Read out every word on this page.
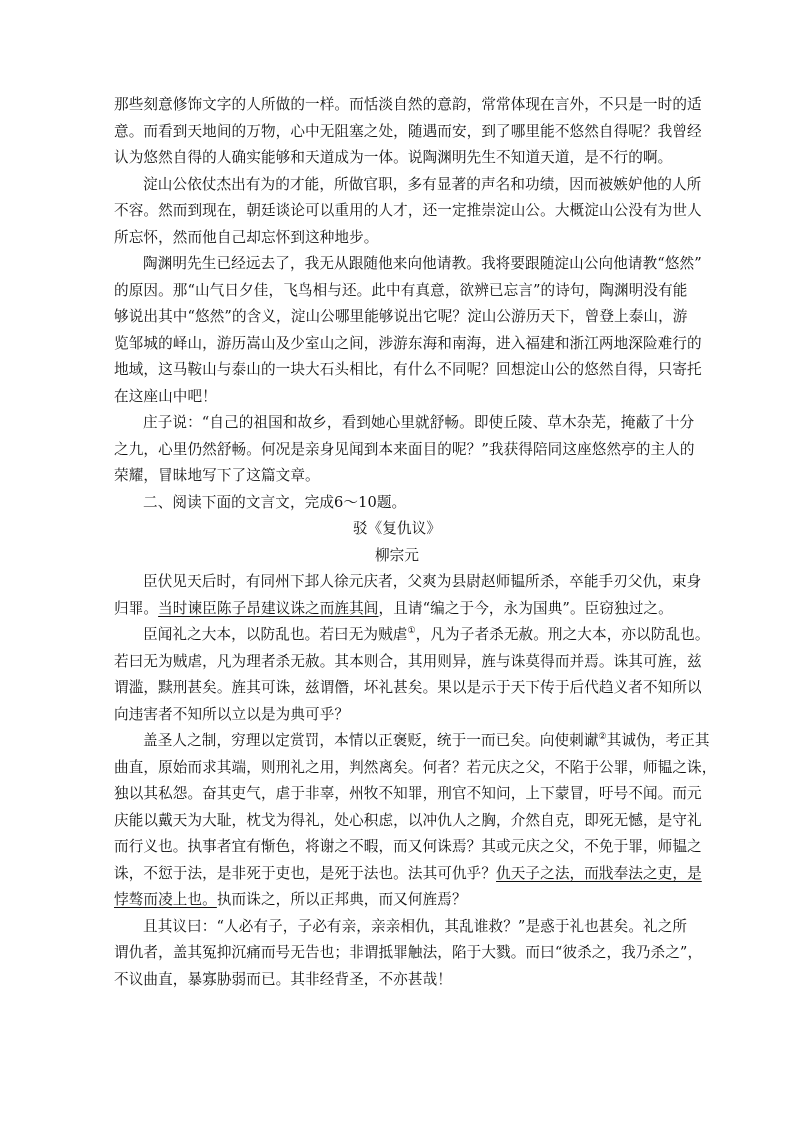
那些刻意修饰文字的人所做的一样。而恬淡自然的意韵，常常体现在言外，不只是一时的适
意。而看到天地间的万物，心中无阻塞之处，随遇而安，到了哪里能不悠然自得呢？我曾经
认为悠然自得的人确实能够和天道成为一体。说陶渊明先生不知道天道，是不行的啊。
淀山公依仗杰出有为的才能，所做官职，多有显著的声名和功绩，因而被嫉妒他的人所
不容。然而到现在，朝廷谈论可以重用的人才，还一定推崇淀山公。大概淀山公没有为世人
所忘怀，然而他自己却忘怀到这种地步。
陶渊明先生已经远去了，我无从跟随他来向他请教。我将要跟随淀山公向他请教“悠然”
的原因。那“山气日夕佳，飞鸟相与还。此中有真意，欲辨已忘言”的诗句，陶渊明没有能
够说出其中“悠然”的含义，淀山公哪里能够说出它呢？淀山公游历天下，曾登上泰山，游
览邹城的峄山，游历嵩山及少室山之间，涉游东海和南海，进入福建和浙江两地深险难行的
地域，这马鞍山与泰山的一块大石头相比，有什么不同呢？回想淀山公的悠然自得，只寄托
在这座山中吧！
庄子说：“自己的祖国和故乡，看到她心里就舒畅。即使丘陵、草木杂芜，掩蔽了十分
之九，心里仍然舒畅。何况是亲身见闻到本来面目的呢？”我获得陪同这座悠然亭的主人的
荣耀，冒昧地写下了这篇文章。
二、阅读下面的文言文，完成6～10题。
驳《复仇议》
柳宗元
臣伏见天后时，有同州下邽人徐元庆者，父爽为县尉赵师韫所杀，卒能手刃父仇，束身
归罪。当时谏臣陈子昂建议诛之而旌其闾，且请“编之于今，永为国典”。臣窃独过之。
臣闻礼之大本，以防乱也。若曰无为贼虐①，凡为子者杀无赦。刑之大本，亦以防乱也。
若曰无为贼虐，凡为理者杀无赦。其本则合，其用则异，旌与诛莫得而并焉。诛其可旌，兹
谓滥，黩刑甚矣。旌其可诛，兹谓僭，坏礼甚矣。果以是示于天下传于后代趋义者不知所以
向违害者不知所以立以是为典可乎？
盖圣人之制，穷理以定赏罚，本情以正褒贬，统于一而已矣。向使刺谳②其诚伪，考正其
曲直，原始而求其端，则刑礼之用，判然离矣。何者？若元庆之父，不陷于公罪，师韫之诛，
独以其私怨。奋其吏气，虐于非辜，州牧不知罪，刑官不知问，上下蒙冒，吁号不闻。而元
庆能以戴天为大耻，枕戈为得礼，处心积虑，以冲仇人之胸，介然自克，即死无憾，是守礼
而行义也。执事者宜有惭色，将谢之不暇，而又何诛焉？其或元庆之父，不免于罪，师韫之
诛，不愆于法，是非死于吏也，是死于法也。法其可仇乎？仇天子之法，而戕奉法之吏，是
悖骜而凌上也。执而诛之，所以正邦典，而又何旌焉？
且其议曰：“人必有子，子必有亲，亲亲相仇，其乱谁救？”是惑于礼也甚矣。礼之所
谓仇者，盖其冤抑沉痛而号无告也；非谓抵罪触法，陷于大戮。而曰“彼杀之，我乃杀之”，
不议曲直，暴寡胁弱而已。其非经背圣，不亦甚哉！
